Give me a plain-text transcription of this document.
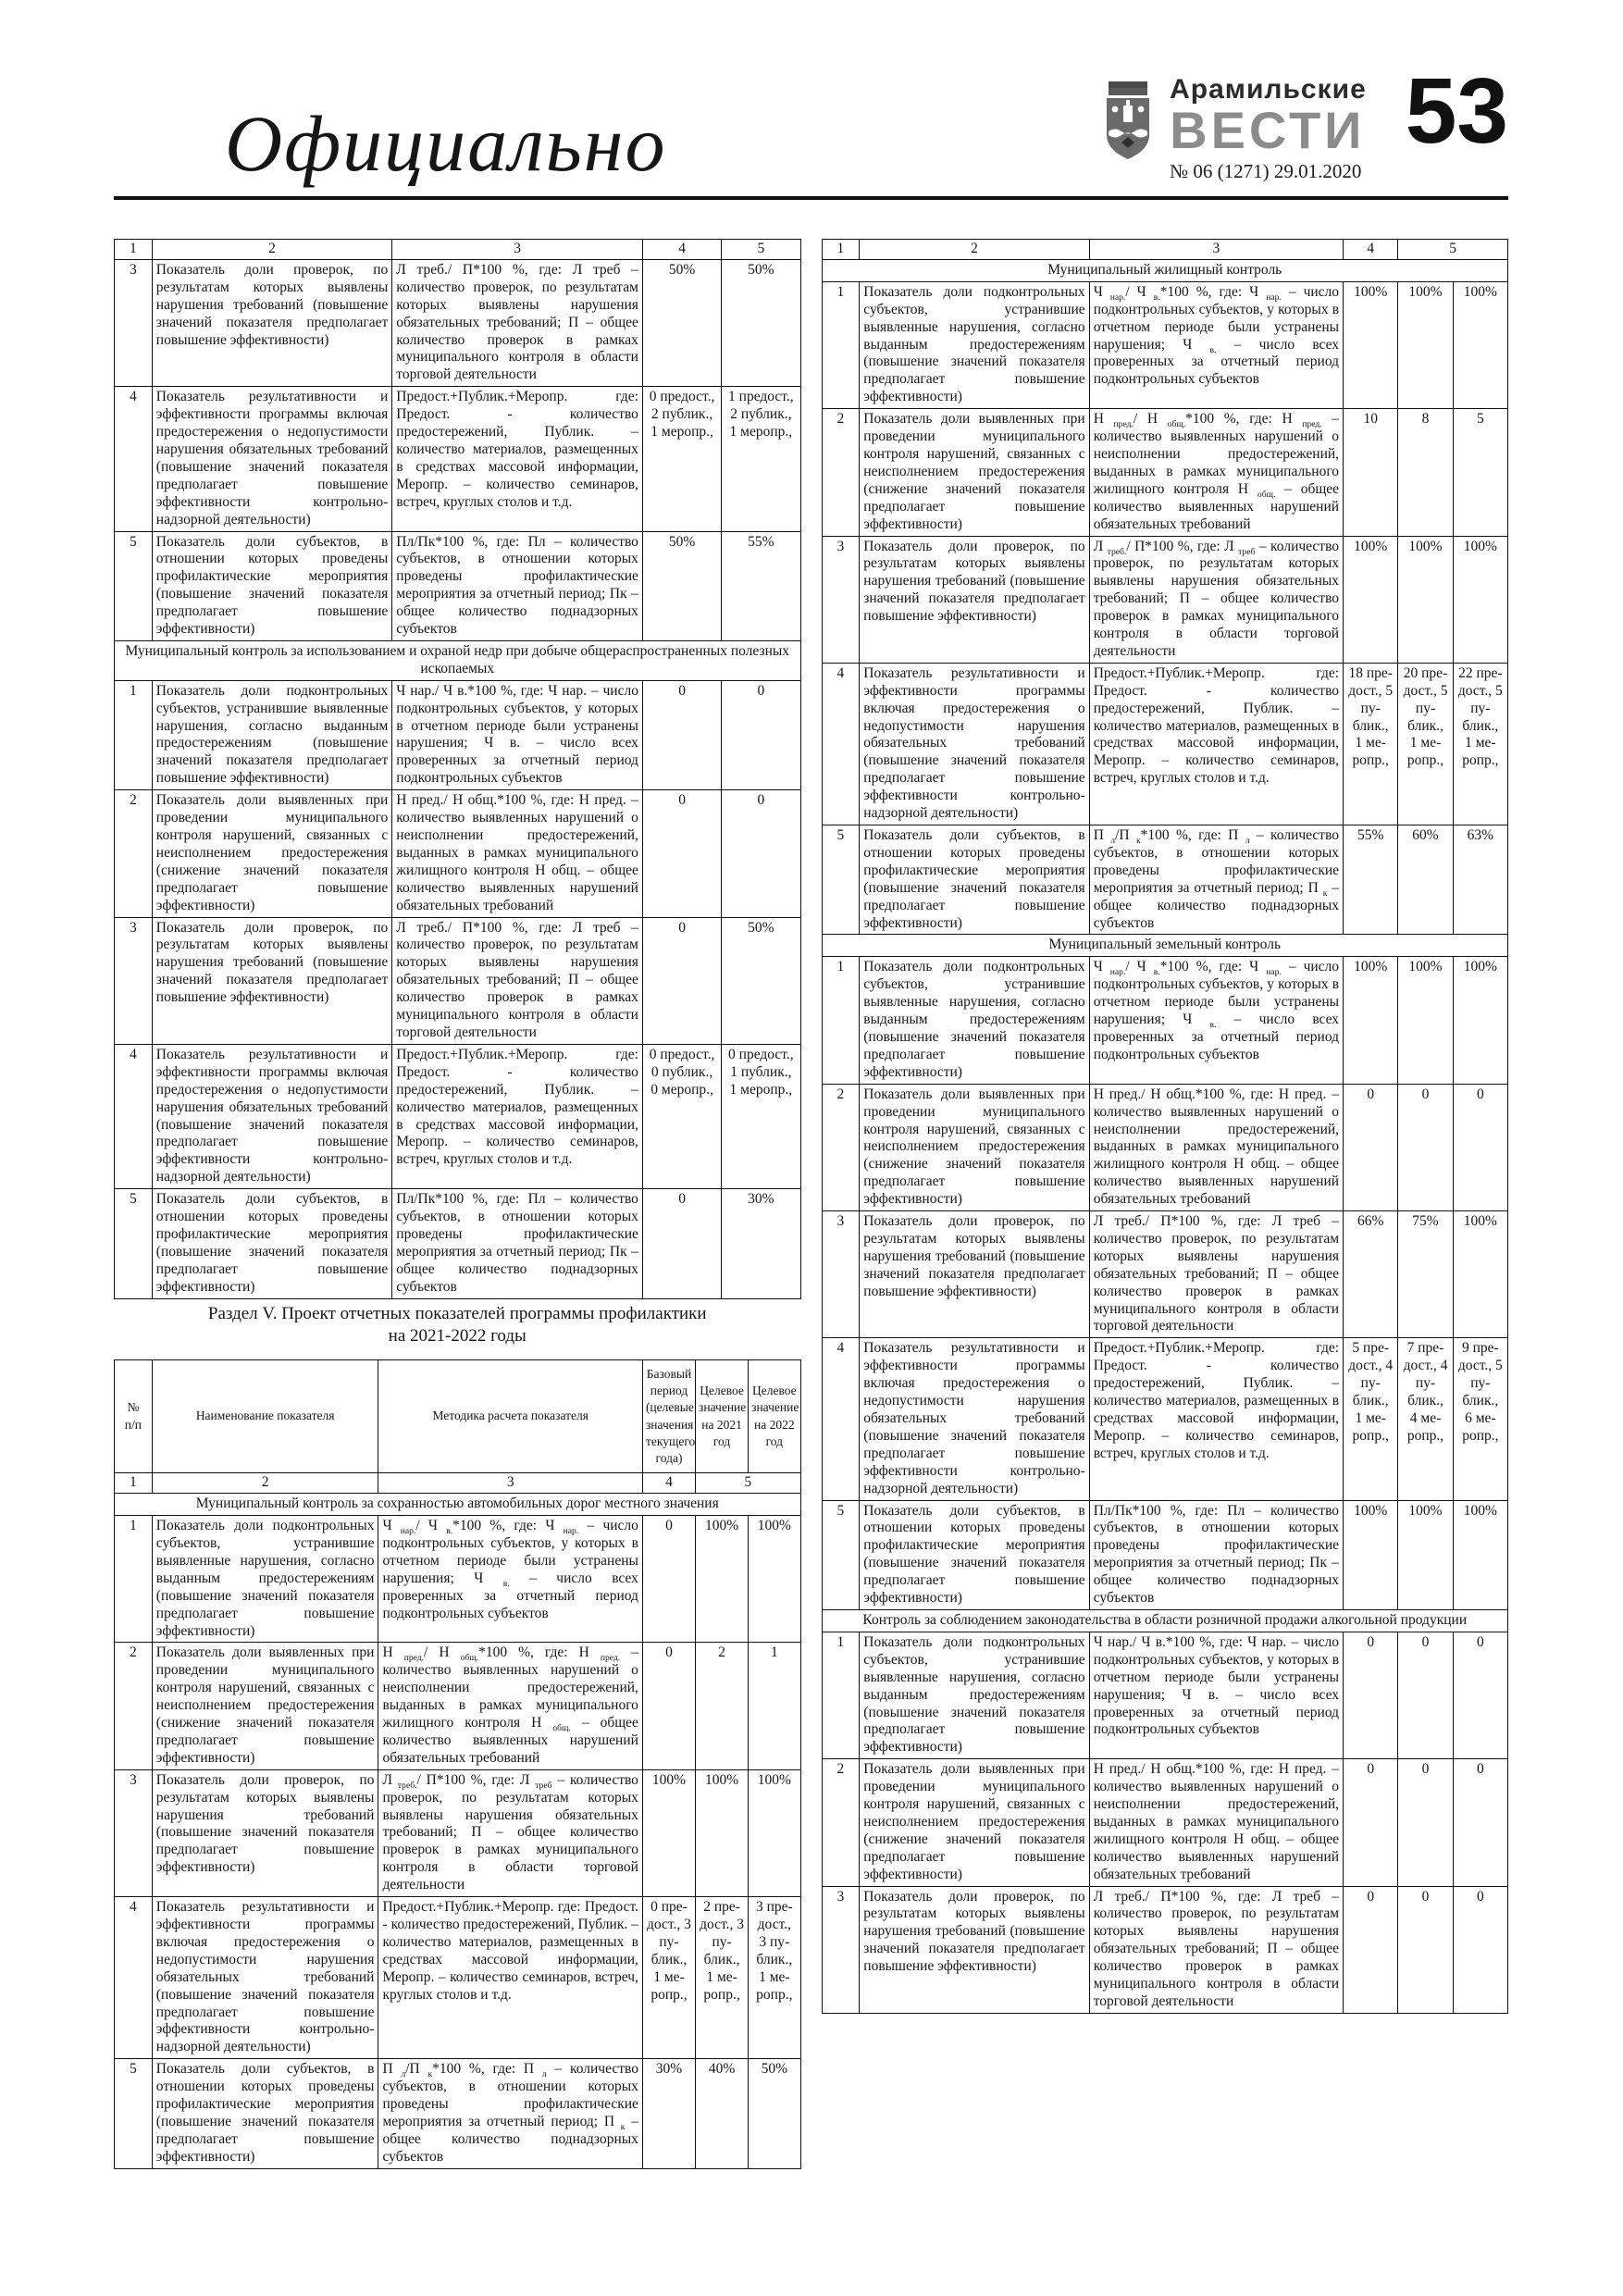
Официально
Арамильские
ВЕСТИ
№ 06 (1271) 29.01.2020
53
1	2	3	4	5
3	Показатель доли проверок, по результатам которых выявлены нарушения требований (повышение значений показателя предполагает повышение эффективности)	Л треб./ П*100 %, где: Л треб – количество проверок, по результатам которых выявлены нарушения обязательных требований; П – общее количество проверок в рамках муниципального контроля в области торговой деятельности	50%	50%
4	Показатель результативности и эффективности программы включая предостережения о недопустимости нарушения обязательных требований (повышение значений показателя предполагает повышение эффективности контрольно-надзорной деятельности)	Предост.+Публик.+Меропр. где: Предост. - количество предостережений, Публик. – количество материалов, размещенных в средствах массовой информации, Меропр. – количество семинаров, встреч, круглых столов и т.д.	0 предост., 2 публик., 1 меропр.,	1 предост., 2 публик., 1 меропр.,
5	Показатель доли субъектов, в отношении которых проведены профилактические мероприятия (повышение значений показателя предполагает повышение эффективности)	Пл/Пк*100 %, где: Пл – количество субъектов, в отношении которых проведены профилактические мероприятия за отчетный период; Пк – общее количество поднадзорных субъектов	50%	55%
Муниципальный контроль за использованием и охраной недр при добыче общераспространенных полезных ископаемых				
1	Показатель доли подконтрольных субъектов, устранившие выявленные нарушения, согласно выданным предостережениям (повышение значений показателя предполагает повышение эффективности)	Ч нар./ Ч в.*100 %, где: Ч нар. – число подконтрольных субъектов, у которых в отчетном периоде были устранены нарушения; Ч в. – число всех проверенных за отчетный период подконтрольных субъектов	0	0
2	Показатель доли выявленных при проведении муниципального контроля нарушений, связанных с неисполнением предостережения (снижение значений показателя предполагает повышение эффективности)	Н пред./ Н общ.*100 %, где: Н пред. – количество выявленных нарушений о неисполнении предостережений, выданных в рамках муниципального жилищного контроля Н общ. – общее количество выявленных нарушений обязательных требований	0	0
3	Показатель доли проверок, по результатам которых выявлены нарушения требований (повышение значений показателя предполагает повышение эффективности)	Л треб./ П*100 %, где: Л треб – количество проверок, по результатам которых выявлены нарушения обязательных требований; П – общее количество проверок в рамках муниципального контроля в области торговой деятельности	0	50%
4	Показатель результативности и эффективности программы включая предостережения о недопустимости нарушения обязательных требований (повышение значений показателя предполагает повышение эффективности контрольно-надзорной деятельности)	Предост.+Публик.+Меропр. где: Предост. - количество предостережений, Публик. – количество материалов, размещенных в средствах массовой информации, Меропр. – количество семинаров, встреч, круглых столов и т.д.	0 предост., 0 публик., 0 меропр.,	0 предост., 1 публик., 1 меропр.,
5	Показатель доли субъектов, в отношении которых проведены профилактические мероприятия (повышение значений показателя предполагает повышение эффективности)	Пл/Пк*100 %, где: Пл – количество субъектов, в отношении которых проведены профилактические мероприятия за отчетный период; Пк – общее количество поднадзорных субъектов	0	30%
Раздел V. Проект отчетных показателей программы профилактики
на 2021-2022 годы
№
п/п	Наименование показателя	Методика расчета показателя	Базовый период (целевые значения текущего года)	Целевое значение на 2021 год	Целевое значение на 2022 год
1	2	3	4	5	
Муниципальный контроль за сохранностью автомобильных дорог местного значения					
1	Показатель доли подконтрольных субъектов, устранившие выявленные нарушения, согласно выданным предостережениям (повышение значений показателя предполагает повышение эффективности)	Ч $_{нар.}$/ Ч $_{в.}$*100 %, где: Ч $_{нар.}$ – число подконтрольных субъектов, у которых в отчетном периоде были устранены нарушения; Ч $_{в.}$ – число всех проверенных за отчетный период подконтрольных субъектов	0	100%	100%
2	Показатель доли выявленных при проведении муниципального контроля нарушений, связанных с неисполнением предостережения (снижение значений показателя предполагает повышение эффективности)	Н $_{пред.}$/ Н $_{общ.}$*100 %, где: Н $_{пред.}$ – количество выявленных нарушений о неисполнении предостережений, выданных в рамках муниципального жилищного контроля Н $_{общ.}$ – общее количество выявленных нарушений обязательных требований	0	2	1
3	Показатель доли проверок, по результатам которых выявлены нарушения требований (повышение значений показателя предполагает повышение эффективности)	Л $_{треб.}$/ П*100 %, где: Л $_{треб}$ – количество проверок, по результатам которых выявлены нарушения обязательных требований; П – общее количество проверок в рамках муниципального контроля в области торговой деятельности	100%	100%	100%
4	Показатель результативности и эффективности программы включая предостережения о недопустимости нарушения обязательных требований (повышение значений показателя предполагает повышение эффективности контрольно-надзорной деятельности)	Предост.+Публик.+Меропр. где: Предост. - количество предостережений, Публик. – количество материалов, размещенных в средствах массовой информации, Меропр. – количество семинаров, встреч, круглых столов и т.д.	0 предост., 3 публик., 1 меропр.,	2 предост., 3 публик., 1 меропр.,	3 предост., 3 публик., 1 меропр.,
5	Показатель доли субъектов, в отношении которых проведены профилактические мероприятия (повышение значений показателя предполагает повышение эффективности)	П $_л$/П $_к$*100 %, где: П $_л$ – количество субъектов, в отношении которых проведены профилактические мероприятия за отчетный период; П $_к$ – общее количество поднадзорных субъектов	30%	40%	50%
1	2	3	4	5	
Муниципальный жилищный контроль					
1	Показатель доли подконтрольных субъектов, устранившие выявленные нарушения, согласно выданным предостережениям (повышение значений показателя предполагает повышение эффективности)	Ч $_{нар.}$/ Ч $_{в.}$*100 %, где: Ч $_{нар.}$ – число подконтрольных субъектов, у которых в отчетном периоде были устранены нарушения; Ч $_{в.}$ – число всех проверенных за отчетный период подконтрольных субъектов	100%	100%	100%
2	Показатель доли выявленных при проведении муниципального контроля нарушений, связанных с неисполнением предостережения (снижение значений показателя предполагает повышение эффективности)	Н $_{пред.}$/ Н $_{общ.}$*100 %, где: Н $_{пред.}$ – количество выявленных нарушений о неисполнении предостережений, выданных в рамках муниципального жилищного контроля Н $_{общ.}$ – общее количество выявленных нарушений обязательных требований	10	8	5
3	Показатель доли проверок, по результатам которых выявлены нарушения требований (повышение значений показателя предполагает повышение эффективности)	Л $_{треб.}$/ П*100 %, где: Л $_{треб}$ – количество проверок, по результатам которых выявлены нарушения обязательных требований; П – общее количество проверок в рамках муниципального контроля в области торговой деятельности	100%	100%	100%
4	Показатель результативности и эффективности программы включая предостережения о недопустимости нарушения обязательных требований (повышение значений показателя предполагает повышение эффективности контрольно-надзорной деятельности)	Предост.+Публик.+Меропр. где: Предост. - количество предостережений, Публик. – количество материалов, размещенных в средствах массовой информации, Меропр. – количество семинаров, встреч, круглых столов и т.д.	18 предост., 5 публик., 1 меропр.,	20 предост., 5 публик., 1 меропр.,	22 предост., 5 публик., 1 меропр.,
5	Показатель доли субъектов, в отношении которых проведены профилактические мероприятия (повышение значений показателя предполагает повышение эффективности)	П $_л$/П $_к$*100 %, где: П $_л$ – количество субъектов, в отношении которых проведены профилактические мероприятия за отчетный период; П $_к$ – общее количество поднадзорных субъектов	55%	60%	63%
Муниципальный земельный контроль					
1	Показатель доли подконтрольных субъектов, устранившие выявленные нарушения, согласно выданным предостережениям (повышение значений показателя предполагает повышение эффективности)	Ч $_{нар.}$/ Ч $_{в.}$*100 %, где: Ч $_{нар.}$ – число подконтрольных субъектов, у которых в отчетном периоде были устранены нарушения; Ч $_{в.}$ – число всех проверенных за отчетный период подконтрольных субъектов	100%	100%	100%
2	Показатель доли выявленных при проведении муниципального контроля нарушений, связанных с неисполнением предостережения (снижение значений показателя предполагает повышение эффективности)	Н пред./ Н общ.*100 %, где: Н пред. – количество выявленных нарушений о неисполнении предостережений, выданных в рамках муниципального жилищного контроля Н общ. – общее количество выявленных нарушений обязательных требований	0	0	0
3	Показатель доли проверок, по результатам которых выявлены нарушения требований (повышение значений показателя предполагает повышение эффективности)	Л треб./ П*100 %, где: Л треб – количество проверок, по результатам которых выявлены нарушения обязательных требований; П – общее количество проверок в рамках муниципального контроля в области торговой деятельности	66%	75%	100%
4	Показатель результативности и эффективности программы включая предостережения о недопустимости нарушения обязательных требований (повышение значений показателя предполагает повышение эффективности контрольно-надзорной деятельности)	Предост.+Публик.+Меропр. где: Предост. - количество предостережений, Публик. – количество материалов, размещенных в средствах массовой информации, Меропр. – количество семинаров, встреч, круглых столов и т.д.	5 предост., 4 публик., 1 меропр.,	7 предост., 4 публик., 4 меропр.,	9 предост., 5 публик., 6 меропр.,
5	Показатель доли субъектов, в отношении которых проведены профилактические мероприятия (повышение значений показателя предполагает повышение эффективности)	Пл/Пк*100 %, где: Пл – количество субъектов, в отношении которых проведены профилактические мероприятия за отчетный период; Пк – общее количество поднадзорных субъектов	100%	100%	100%
Контроль за соблюдением законодательства в области розничной продажи алкогольной продукции					
1	Показатель доли подконтрольных субъектов, устранившие выявленные нарушения, согласно выданным предостережениям (повышение значений показателя предполагает повышение эффективности)	Ч нар./ Ч в.*100 %, где: Ч нар. – число подконтрольных субъектов, у которых в отчетном периоде были устранены нарушения; Ч в. – число всех проверенных за отчетный период подконтрольных субъектов	0	0	0
2	Показатель доли выявленных при проведении муниципального контроля нарушений, связанных с неисполнением предостережения (снижение значений показателя предполагает повышение эффективности)	Н пред./ Н общ.*100 %, где: Н пред. – количество выявленных нарушений о неисполнении предостережений, выданных в рамках муниципального жилищного контроля Н общ. – общее количество выявленных нарушений обязательных требований	0	0	0
3	Показатель доли проверок, по результатам которых выявлены нарушения требований (повышение значений показателя предполагает повышение эффективности)	Л треб./ П*100 %, где: Л треб – количество проверок, по результатам которых выявлены нарушения обязательных требований; П – общее количество проверок в рамках муниципального контроля в области торговой деятельности	0	0	0
